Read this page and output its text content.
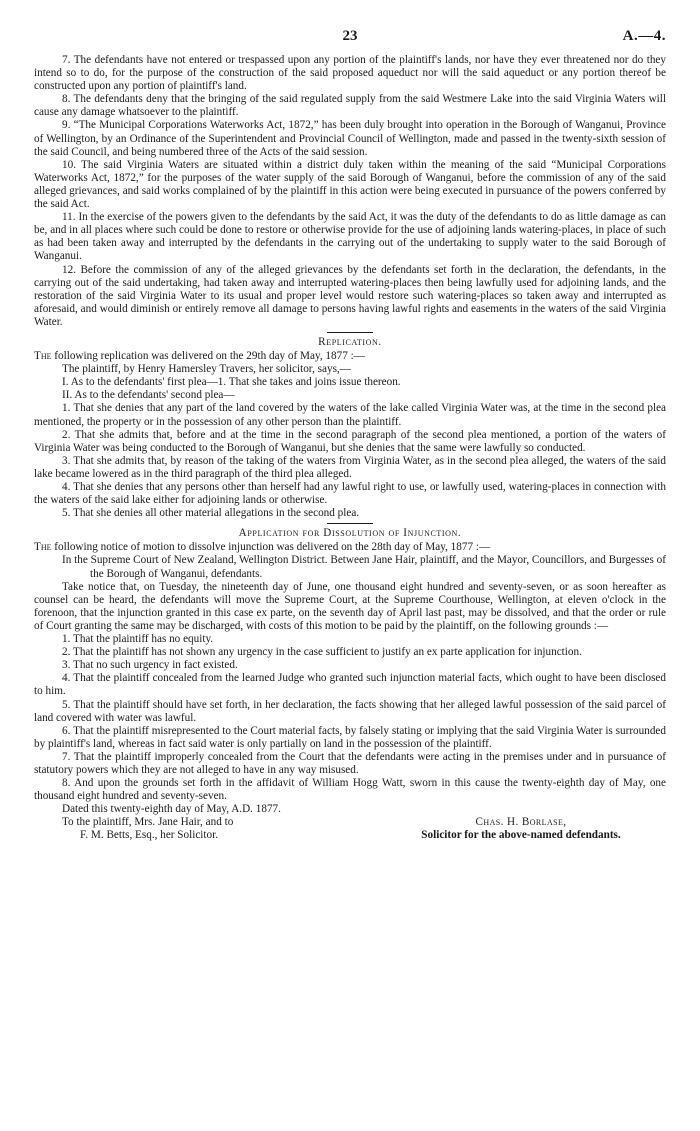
23	A.—4.

7. The defendants have not entered or trespassed upon any portion of the plaintiff's lands, nor have they ever threatened nor do they intend so to do, for the purpose of the construction of the said proposed aqueduct nor will the said aqueduct or any portion thereof be constructed upon any portion of plaintiff's land.

8. The defendants deny that the bringing of the said regulated supply from the said Westmere Lake into the said Virginia Waters will cause any damage whatsoever to the plaintiff.

9. “The Municipal Corporations Waterworks Act, 1872,” has been duly brought into operation in the Borough of Wanganui, Province of Wellington, by an Ordinance of the Superintendent and Provincial Council of Wellington, made and passed in the twenty-sixth session of the said Council, and being numbered three of the Acts of the said session.

10. The said Virginia Waters are situated within a district duly taken within the meaning of the said “Municipal Corporations Waterworks Act, 1872,” for the purposes of the water supply of the said Borough of Wanganui, before the commission of any of the said alleged grievances, and said works complained of by the plaintiff in this action were being executed in pursuance of the powers conferred by the said Act.

11. In the exercise of the powers given to the defendants by the said Act, it was the duty of the defendants to do as little damage as can be, and in all places where such could be done to restore or otherwise provide for the use of adjoining lands watering-places, in place of such as had been taken away and interrupted by the defendants in the carrying out of the undertaking to supply water to the said Borough of Wanganui.

12. Before the commission of any of the alleged grievances by the defendants set forth in the declaration, the defendants, in the carrying out of the said undertaking, had taken away and interrupted watering-places then being lawfully used for adjoining lands, and the restoration of the said Virginia Water to its usual and proper level would restore such watering-places so taken away and interrupted as aforesaid, and would diminish or entirely remove all damage to persons having lawful rights and easements in the waters of the said Virginia Water.

Replication.

The following replication was delivered on the 29th day of May, 1877 :—

The plaintiff, by Henry Hamersley Travers, her solicitor, says,—

I. As to the defendants' first plea—1. That she takes and joins issue thereon.

II. As to the defendants' second plea—

1. That she denies that any part of the land covered by the waters of the lake called Virginia Water was, at the time in the second plea mentioned, the property or in the possession of any other person than the plaintiff.

2. That she admits that, before and at the time in the second paragraph of the second plea mentioned, a portion of the waters of Virginia Water was being conducted to the Borough of Wanganui, but she denies that the same were lawfully so conducted.

3. That she admits that, by reason of the taking of the waters from Virginia Water, as in the second plea alleged, the waters of the said lake became lowered as in the third paragraph of the third plea alleged.

4. That she denies that any persons other than herself had any lawful right to use, or lawfully used, watering-places in connection with the waters of the said lake either for adjoining lands or otherwise.

5. That she denies all other material allegations in the second plea.

Application for Dissolution of Injunction.

The following notice of motion to dissolve injunction was delivered on the 28th day of May, 1877 :—

In the Supreme Court of New Zealand, Wellington District. Between Jane Hair, plaintiff, and the Mayor, Councillors, and Burgesses of the Borough of Wanganui, defendants.

Take notice that, on Tuesday, the nineteenth day of June, one thousand eight hundred and seventy-seven, or as soon hereafter as counsel can be heard, the defendants will move the Supreme Court, at the Supreme Courthouse, Wellington, at eleven o'clock in the forenoon, that the injunction granted in this case ex parte, on the seventh day of April last past, may be dissolved, and that the order or rule of Court granting the same may be discharged, with costs of this motion to be paid by the plaintiff, on the following grounds :—

1. That the plaintiff has no equity.

2. That the plaintiff has not shown any urgency in the case sufficient to justify an ex parte application for injunction.

3. That no such urgency in fact existed.

4. That the plaintiff concealed from the learned Judge who granted such injunction material facts, which ought to have been disclosed to him.

5. That the plaintiff should have set forth, in her declaration, the facts showing that her alleged lawful possession of the said parcel of land covered with water was lawful.

6. That the plaintiff misrepresented to the Court material facts, by falsely stating or implying that the said Virginia Water is surrounded by plaintiff's land, whereas in fact said water is only partially on land in the possession of the plaintiff.

7. That the plaintiff improperly concealed from the Court that the defendants were acting in the premises under and in pursuance of statutory powers which they are not alleged to have in any way misused.

8. And upon the grounds set forth in the affidavit of William Hogg Watt, sworn in this cause the twenty-eighth day of May, one thousand eight hundred and seventy-seven.

Dated this twenty-eighth day of May, A.D. 1877.

To the plaintiff, Mrs. Jane Hair, and to	Chas. H. Borlase,
F. M. Betts, Esq., her Solicitor.	Solicitor for the above-named defendants.
